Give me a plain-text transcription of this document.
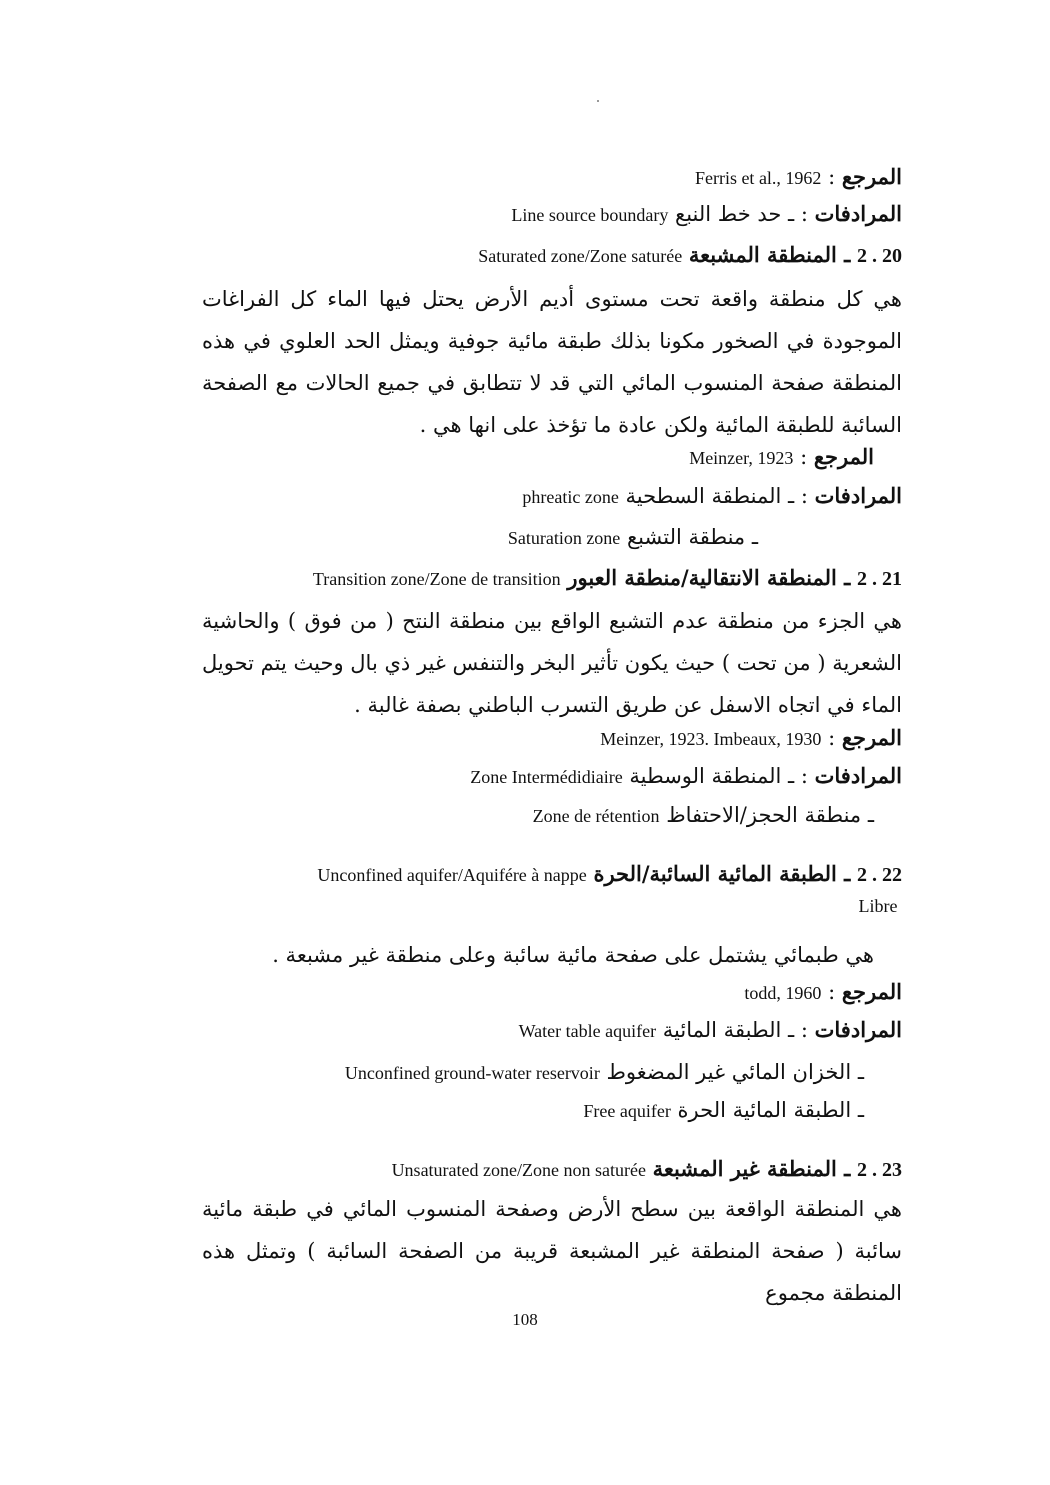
المرجع : Ferris et al., 1962
المرادفات : ـ حد خط النبع Line source boundary
2 . 20 ـ المنطقة المشبعة Saturated zone/Zone saturée
هي كل منطقة واقعة تحت مستوى أديم الأرض يحتل فيها الماء كل الفراغات الموجودة في الصخور مكونا بذلك طبقة مائية جوفية ويمثل الحد العلوي في هذه المنطقة صفحة المنسوب المائي التي قد لا تتطابق في جميع الحالات مع الصفحة السائبة للطبقة المائية ولكن عادة ما تؤخذ على انها هي .
المرجع : Meinzer, 1923
المرادفات : ـ المنطقة السطحية phreatic zone
ـ منطقة التشبع Saturation zone
2 . 21 ـ المنطقة الانتقالية/منطقة العبور Transition zone/Zone de transition
هي الجزء من منطقة عدم التشبع الواقع بين منطقة النتح ( من فوق ) والحاشية الشعرية ( من تحت ) حيث يكون تأثير البخر والتنفس غير ذي بال وحيث يتم تحويل الماء في اتجاه الاسفل عن طريق التسرب الباطني بصفة غالبة .
المرجع : Meinzer, 1923. Imbeaux, 1930
المرادفات : ـ المنطقة الوسطية Zone Intermédidiaire
ـ منطقة الحجز/الاحتفاظ Zone de rétention
2 . 22 ـ الطبقة المائية السائبة/الحرة Unconfined aquifer/Aquifére à nappe
Libre
هي طبمائي يشتمل على صفحة مائية سائبة وعلى منطقة غير مشبعة .
المرجع : todd, 1960
المرادفات : ـ الطبقة المائية Water table aquifer
ـ الخزان المائي غير المضغوط Unconfined ground-water reservoir
ـ الطبقة المائية الحرة Free aquifer
2 . 23 ـ المنطقة غير المشبعة Unsaturated zone/Zone non saturée
هي المنطقة الواقعة بين سطح الأرض وصفحة المنسوب المائي في طبقة مائية سائبة ( صفحة المنطقة غير المشبعة قريبة من الصفحة السائبة ) وتمثل هذه المنطقة مجموع
108
